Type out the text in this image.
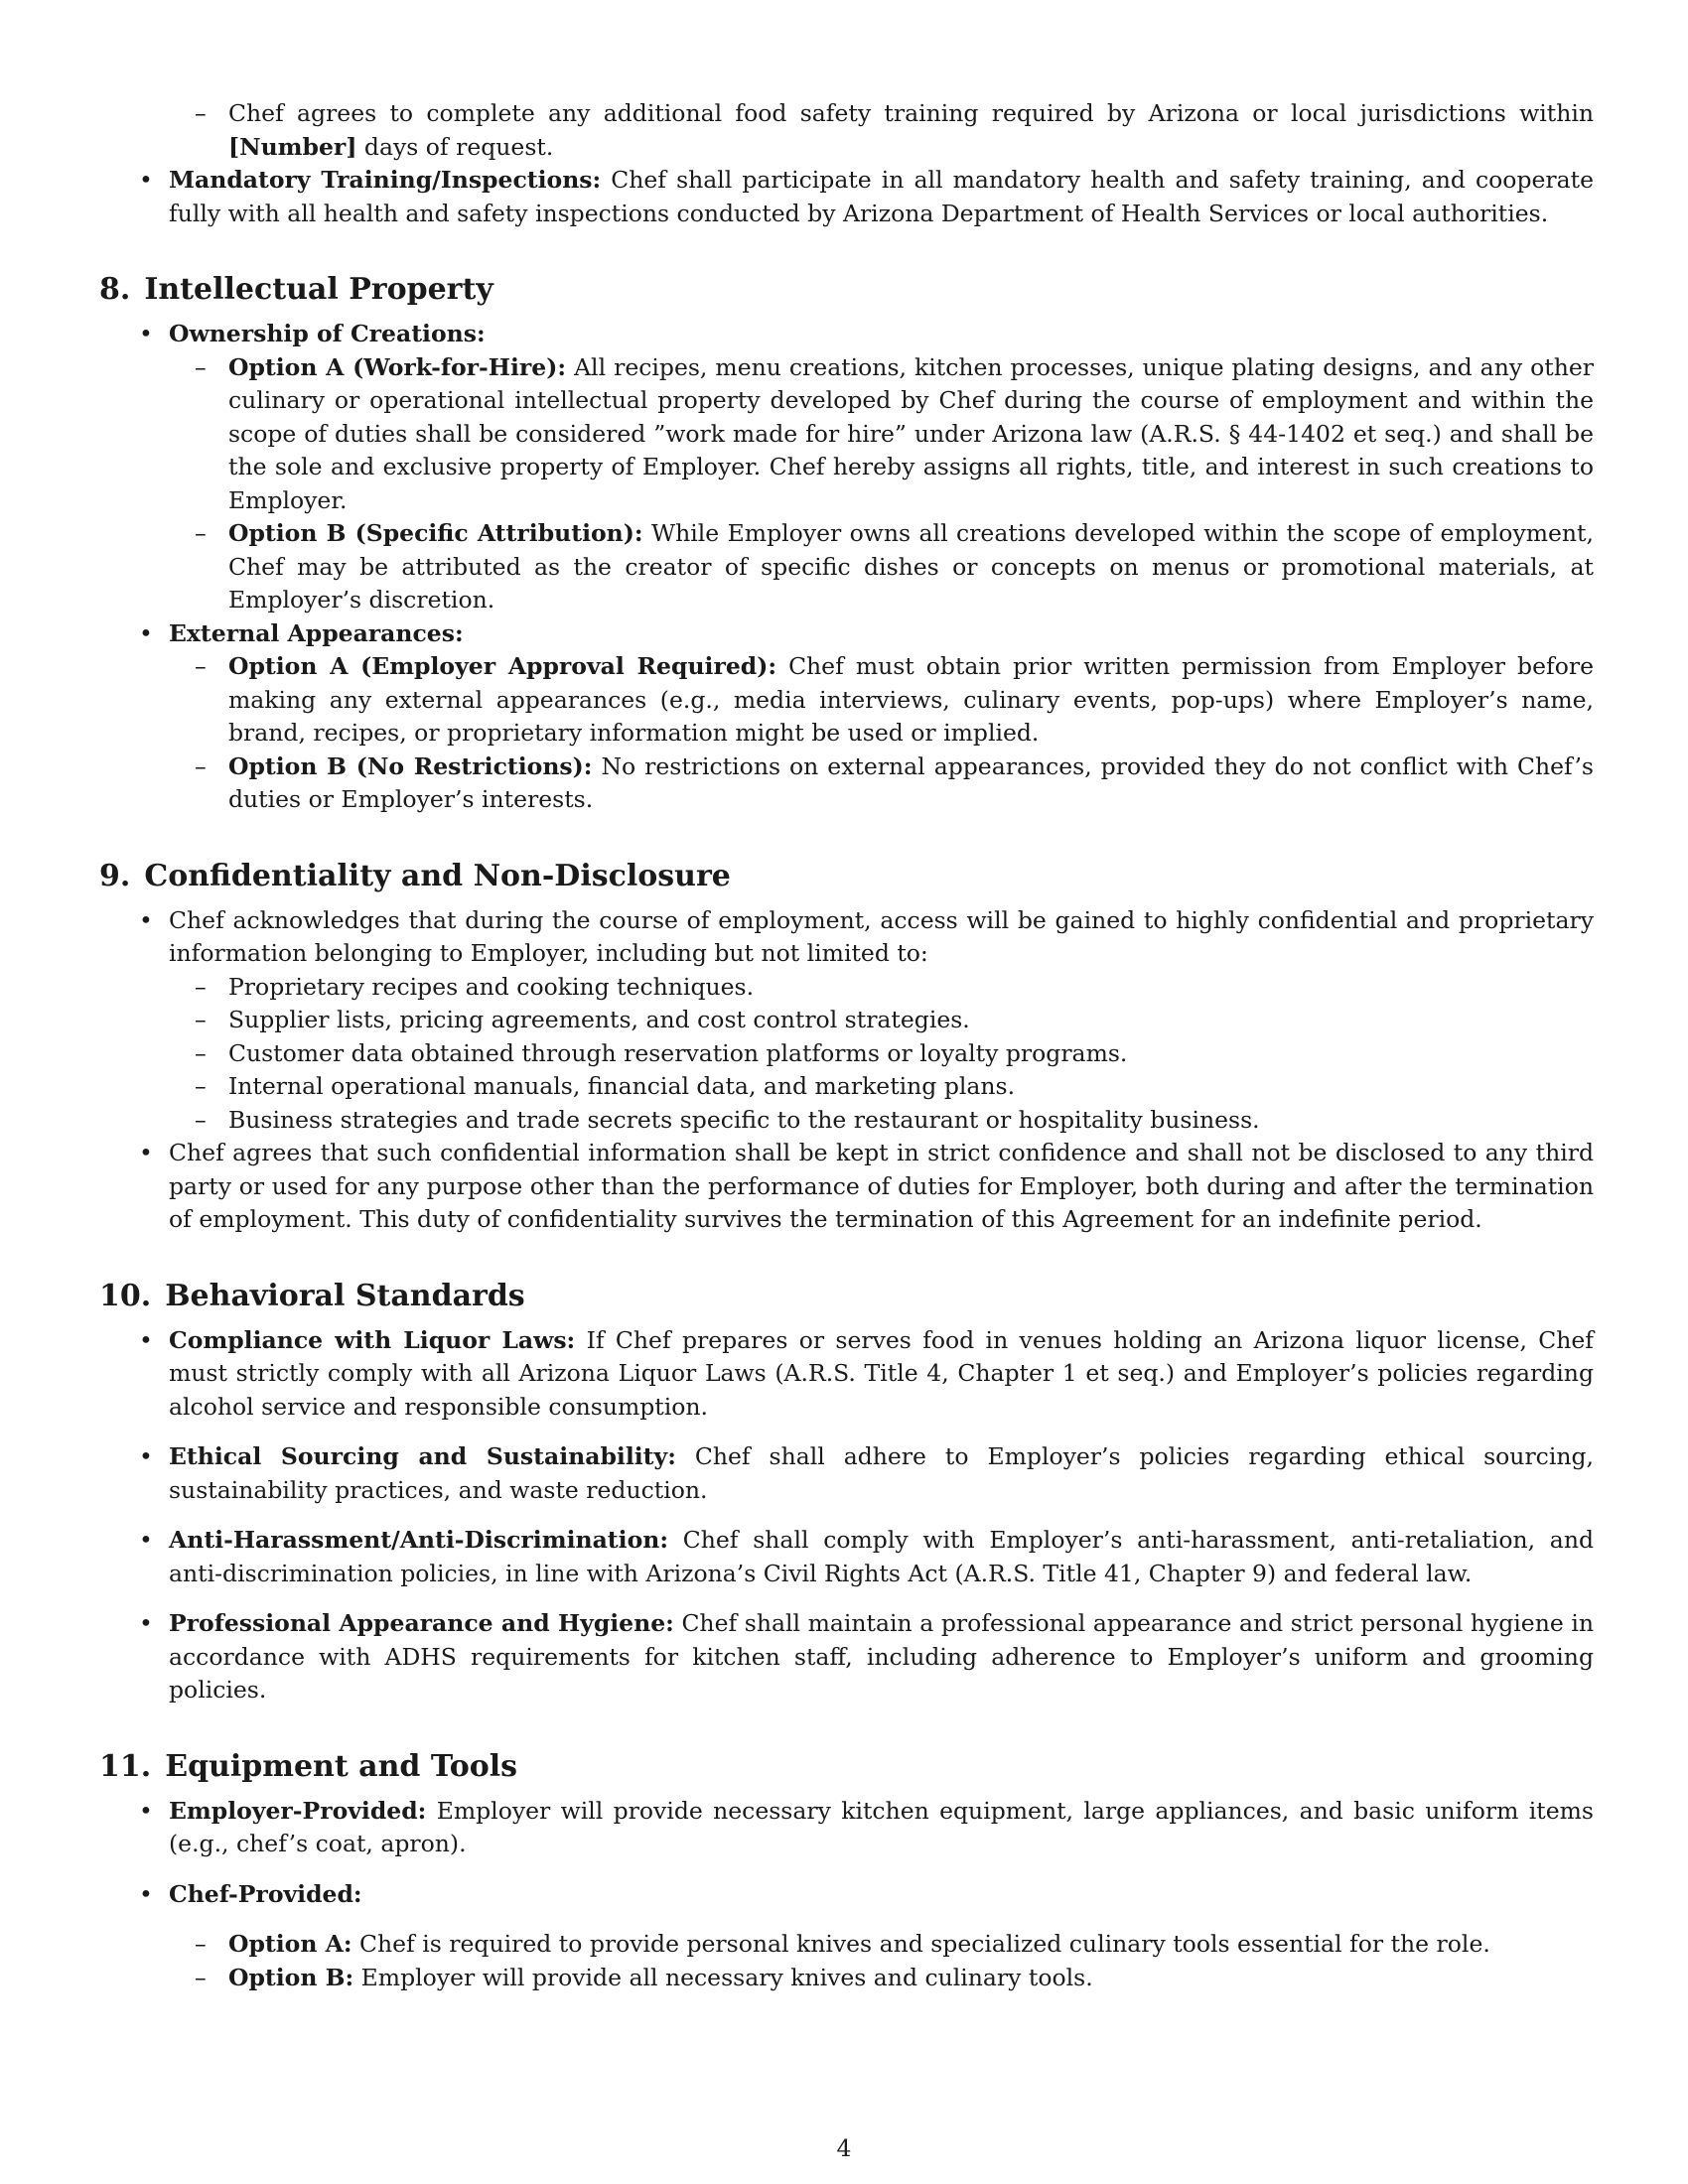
– Chef agrees to complete any additional food safety training required by Arizona or local jurisdictions within [Number] days of request.
• Mandatory Training/Inspections: Chef shall participate in all mandatory health and safety training, and cooperate fully with all health and safety inspections conducted by Arizona Department of Health Services or local authorities.
8. Intellectual Property
• Ownership of Creations:
– Option A (Work-for-Hire): All recipes, menu creations, kitchen processes, unique plating designs, and any other culinary or operational intellectual property developed by Chef during the course of employment and within the scope of duties shall be considered ”work made for hire” under Arizona law (A.R.S. § 44-1402 et seq.) and shall be the sole and exclusive property of Employer. Chef hereby assigns all rights, title, and interest in such creations to Employer.
– Option B (Specific Attribution): While Employer owns all creations developed within the scope of employment, Chef may be attributed as the creator of specific dishes or concepts on menus or promotional materials, at Employer’s discretion.
• External Appearances:
– Option A (Employer Approval Required): Chef must obtain prior written permission from Employer before making any external appearances (e.g., media interviews, culinary events, pop-ups) where Employer’s name, brand, recipes, or proprietary information might be used or implied.
– Option B (No Restrictions): No restrictions on external appearances, provided they do not conflict with Chef’s duties or Employer’s interests.
9. Confidentiality and Non-Disclosure
• Chef acknowledges that during the course of employment, access will be gained to highly confidential and proprietary information belonging to Employer, including but not limited to:
– Proprietary recipes and cooking techniques.
– Supplier lists, pricing agreements, and cost control strategies.
– Customer data obtained through reservation platforms or loyalty programs.
– Internal operational manuals, financial data, and marketing plans.
– Business strategies and trade secrets specific to the restaurant or hospitality business.
• Chef agrees that such confidential information shall be kept in strict confidence and shall not be disclosed to any third party or used for any purpose other than the performance of duties for Employer, both during and after the termination of employment. This duty of confidentiality survives the termination of this Agreement for an indefinite period.
10. Behavioral Standards
• Compliance with Liquor Laws: If Chef prepares or serves food in venues holding an Arizona liquor license, Chef must strictly comply with all Arizona Liquor Laws (A.R.S. Title 4, Chapter 1 et seq.) and Employer’s policies regarding alcohol service and responsible consumption.
• Ethical Sourcing and Sustainability: Chef shall adhere to Employer’s policies regarding ethical sourcing, sustainability practices, and waste reduction.
• Anti-Harassment/Anti-Discrimination: Chef shall comply with Employer’s anti-harassment, anti-retaliation, and anti-discrimination policies, in line with Arizona’s Civil Rights Act (A.R.S. Title 41, Chapter 9) and federal law.
• Professional Appearance and Hygiene: Chef shall maintain a professional appearance and strict personal hygiene in accordance with ADHS requirements for kitchen staff, including adherence to Employer’s uniform and grooming policies.
11. Equipment and Tools
• Employer-Provided: Employer will provide necessary kitchen equipment, large appliances, and basic uniform items (e.g., chef’s coat, apron).
• Chef-Provided:
– Option A: Chef is required to provide personal knives and specialized culinary tools essential for the role.
– Option B: Employer will provide all necessary knives and culinary tools.
4
